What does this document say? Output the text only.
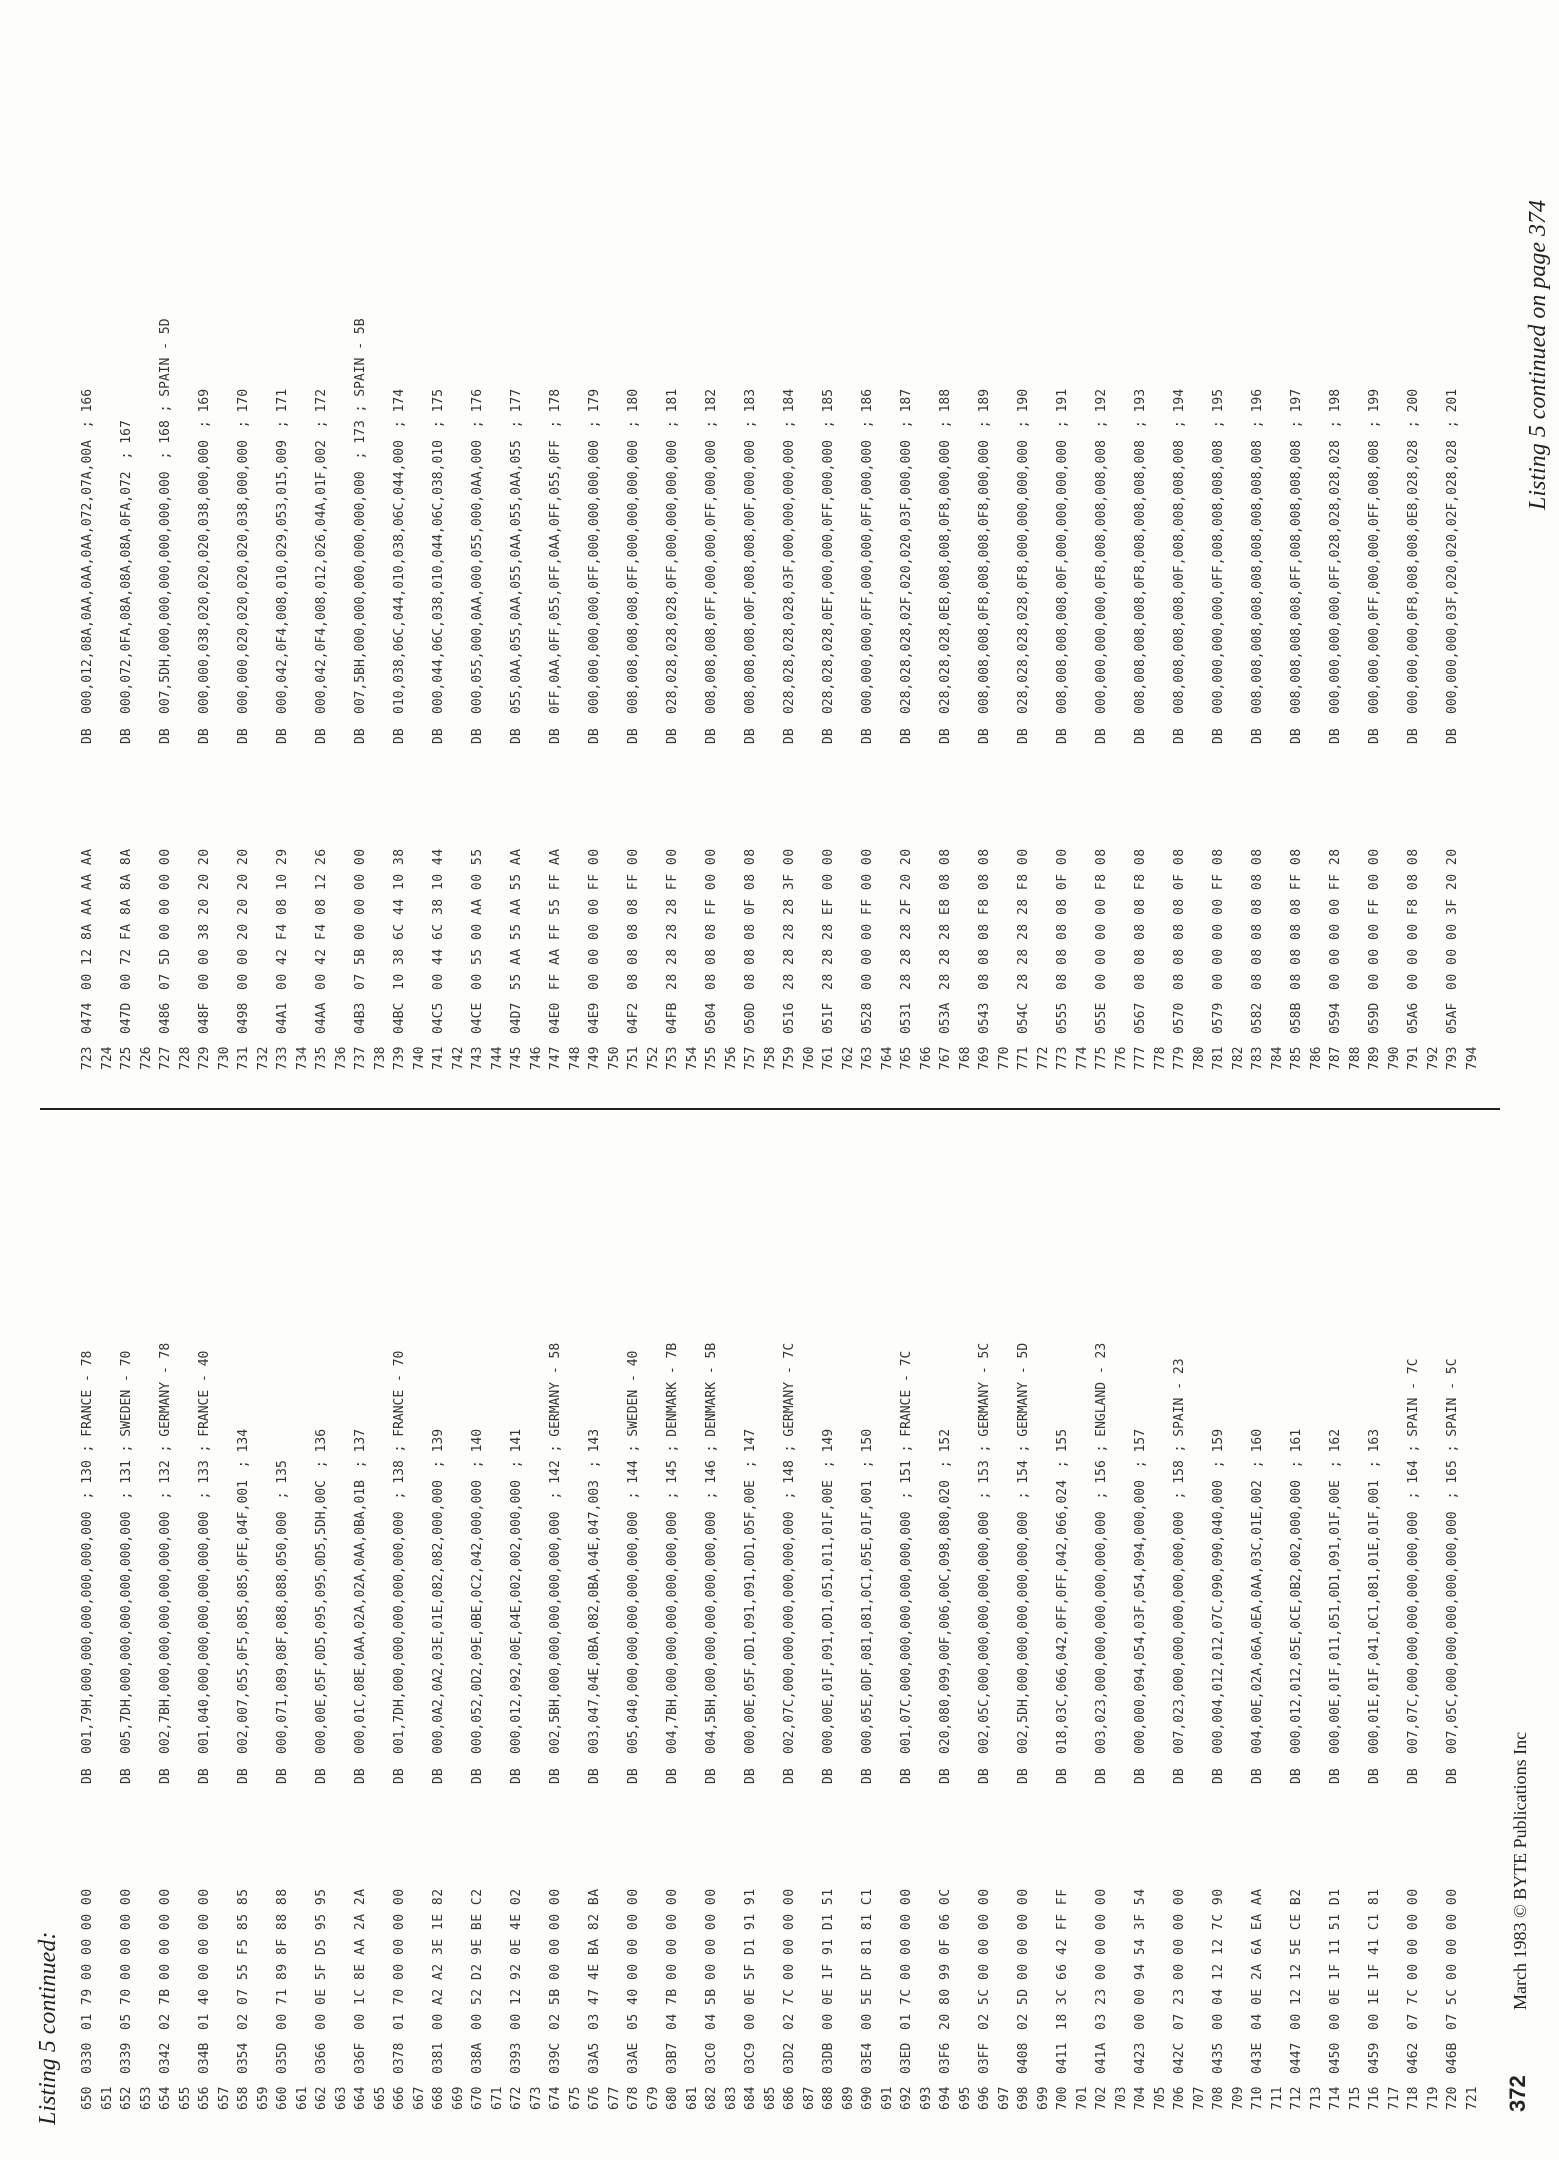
Listing 5 continued: 650
0330
01 79 00 00 00 00
DB
001,79H,000,000,000,000,000,000
; 130 ; FRANCE - 78
651 652
0339
05 70 00 00 00 00
DB
005,7DH,000,000,000,000,000,000
; 131 ; SWEDEN - 70
653 654
0342
02 7B 00 00 00 00
DB
002,7BH,000,000,000,000,000,000
; 132 ; GERMANY - 78
655 656
034B
01 40 00 00 00 00
DB
001,040,000,000,000,000,000,000
; 133 ; FRANCE - 40
657 658
0354
02 07 55 F5 85 85
DB
002,007,055,0F5,085,085,0FE,04F,001
; 134
659 660
035D
00 71 89 8F 88 88
DB
000,071,089,08F,088,088,050,000
; 135
661 662
0366
00 0E 5F D5 95 95
DB
000,00E,05F,0D5,095,095,0D5,5DH,00C
; 136
663 664
036F
00 1C 8E AA 2A 2A
DB
000,01C,08E,0AA,02A,02A,0AA,0BA,01B
; 137
665 666
0378
01 70 00 00 00 00
DB
001,7DH,000,000,000,000,000,000
; 138 ; FRANCE - 70
667 668
0381
00 A2 A2 3E 1E 82
DB
000,0A2,0A2,03E,01E,082,082,000,000
; 139
669 670
038A
00 52 D2 9E BE C2
DB
000,052,0D2,09E,0BE,0C2,042,000,000
; 140
671 672
0393
00 12 92 0E 4E 02
DB
000,012,092,00E,04E,002,002,000,000
; 141
673 674
039C
02 5B 00 00 00 00
DB
002,5BH,000,000,000,000,000,000
; 142 ; GERMANY - 58
675 676
03A5
03 47 4E BA 82 BA
DB
003,047,04E,0BA,082,0BA,04E,047,003
; 143
677 678
03AE
05 40 00 00 00 00
DB
005,040,000,000,000,000,000,000
; 144 ; SWEDEN - 40
679 680
03B7
04 7B 00 00 00 00
DB
004,7BH,000,000,000,000,000,000
; 145 ; DENMARK - 7B
681 682
03C0
04 5B 00 00 00 00
DB
004,5BH,000,000,000,000,000,000
; 146 ; DENMARK - 5B
683 684
03C9
00 0E 5F D1 91 91
DB
000,00E,05F,0D1,091,091,0D1,05F,00E
; 147
685 686
03D2
02 7C 00 00 00 00
DB
002,07C,000,000,000,000,000,000
; 148 ; GERMANY - 7C
687 688
03DB
00 0E 1F 91 D1 51
DB
000,00E,01F,091,0D1,051,011,01F,00E
; 149
689 690
03E4
00 5E DF 81 81 C1
DB
000,05E,0DF,081,081,0C1,05E,01F,001
; 150
691 692
03ED
01 7C 00 00 00 00
DB
001,07C,000,000,000,000,000,000
; 151 ; FRANCE - 7C
693 694
03F6
20 80 99 0F 06 0C
DB
020,080,099,00F,006,00C,098,080,020
; 152
695 696
03FF
02 5C 00 00 00 00
DB
002,05C,000,000,000,000,000,000
; 153 ; GERMANY - 5C
697 698
0408
02 5D 00 00 00 00
DB
002,5DH,000,000,000,000,000,000
; 154 ; GERMANY - 5D
699 700
0411
18 3C 66 42 FF FF
DB
018,03C,066,042,0FF,0FF,042,066,024
; 155
701 702
041A
03 23 00 00 00 00
DB
003,023,000,000,000,000,000,000
; 156 ; ENGLAND - 23
703 704
0423
00 00 94 54 3F 54
DB
000,000,094,054,03F,054,094,000,000
; 157
705 706
042C
07 23 00 00 00 00
DB
007,023,000,000,000,000,000,000
; 158 ; SPAIN - 23
707 708
0435
00 04 12 12 7C 90
DB
000,004,012,012,07C,090,090,040,000
; 159
709 710
043E
04 0E 2A 6A EA AA
DB
004,00E,02A,06A,0EA,0AA,03C,01E,002
; 160
711 712
0447
00 12 12 5E CE B2
DB
000,012,012,05E,0CE,0B2,002,000,000
; 161
713 714
0450
00 0E 1F 11 51 D1
DB
000,00E,01F,011,051,0D1,091,01F,00E
; 162
715 716
0459
00 1E 1F 41 C1 81
DB
000,01E,01F,041,0C1,081,01E,01F,001
; 163
717 718
0462
07 7C 00 00 00 00
DB
007,07C,000,000,000,000,000,000
; 164 ; SPAIN - 7C
719 720
046B
07 5C 00 00 00 00
DB
007,05C,000,000,000,000,000,000
; 165 ; SPAIN - 5C
721
723
0474
00 12 8A AA AA AA
DB
000,012,08A,0AA,0AA,0AA,072,07A,00A
; 166
724 725
047D
00 72 FA 8A 8A 8A
DB
000,072,0FA,08A,08A,08A,0FA,072
; 167
726 727
0486
07 5D 00 00 00 00
DB
007,5DH,000,000,000,000,000,000
; 168 ; SPAIN - 5D
728 729
048F
00 00 38 20 20 20
DB
000,000,038,020,020,020,038,000,000
; 169
730 731
0498
00 00 20 20 20 20
DB
000,000,020,020,020,020,038,000,000
; 170
732 733
04A1
00 42 F4 08 10 29
DB
000,042,0F4,008,010,029,053,015,009
; 171
734 735
04AA
00 42 F4 08 12 26
DB
000,042,0F4,008,012,026,04A,01F,002
; 172
736 737
04B3
07 5B 00 00 00 00
DB
007,5BH,000,000,000,000,000,000
; 173 ; SPAIN - 5B
738 739
04BC
10 38 6C 44 10 38
DB
010,038,06C,044,010,038,06C,044,000
; 174
740 741
04C5
00 44 6C 38 10 44
DB
000,044,06C,038,010,044,06C,038,010
; 175
742 743
04CE
00 55 00 AA 00 55
DB
000,055,000,0AA,000,055,000,0AA,000
; 176
744 745
04D7
55 AA 55 AA 55 AA
DB
055,0AA,055,0AA,055,0AA,055,0AA,055
; 177
746 747
04E0
FF AA FF 55 FF AA
DB
0FF,0AA,0FF,055,0FF,0AA,0FF,055,0FF
; 178
748 749
04E9
00 00 00 00 FF 00
DB
000,000,000,000,0FF,000,000,000,000
; 179
750 751
04F2
08 08 08 08 FF 00
DB
008,008,008,008,0FF,000,000,000,000
; 180
752 753
04FB
28 28 28 28 FF 00
DB
028,028,028,028,0FF,000,000,000,000
; 181
754 755
0504
08 08 08 FF 00 00
DB
008,008,008,0FF,000,000,0FF,000,000
; 182
756 757
050D
08 08 08 0F 08 08
DB
008,008,008,00F,008,008,00F,000,000
; 183
758 759
0516
28 28 28 28 3F 00
DB
028,028,028,028,03F,000,000,000,000
; 184
760 761
051F
28 28 28 EF 00 00
DB
028,028,028,0EF,000,000,0FF,000,000
; 185
762 763
0528
00 00 00 FF 00 00
DB
000,000,000,0FF,000,000,0FF,000,000
; 186
764 765
0531
28 28 28 2F 20 20
DB
028,028,028,02F,020,020,03F,000,000
; 187
766 767
053A
28 28 28 E8 08 08
DB
028,028,028,0E8,008,008,0F8,000,000
; 188
768 769
0543
08 08 08 F8 08 08
DB
008,008,008,0F8,008,008,0F8,000,000
; 189
770 771
054C
28 28 28 28 F8 00
DB
028,028,028,028,0F8,000,000,000,000
; 190
772 773
0555
08 08 08 08 0F 00
DB
008,008,008,008,00F,000,000,000,000
; 191
774 775
055E
00 00 00 00 F8 08
DB
000,000,000,000,0F8,008,008,008,008
; 192
776 777
0567
08 08 08 08 F8 08
DB
008,008,008,008,0F8,008,008,008,008
; 193
778 779
0570
08 08 08 08 0F 08
DB
008,008,008,008,00F,008,008,008,008
; 194
780 781
0579
00 00 00 00 FF 08
DB
000,000,000,000,0FF,008,008,008,008
; 195
782 783
0582
08 08 08 08 08 08
DB
008,008,008,008,008,008,008,008,008
; 196
784 785
058B
08 08 08 08 FF 08
DB
008,008,008,008,0FF,008,008,008,008
; 197
786 787
0594
00 00 00 00 FF 28
DB
000,000,000,000,0FF,028,028,028,028
; 198
788 789
059D
00 00 00 FF 00 00
DB
000,000,000,0FF,000,000,0FF,008,008
; 199
790 791
05A6
00 00 00 F8 08 08
DB
000,000,000,0F8,008,008,0E8,028,028
; 200
792 793
05AF
00 00 00 3F 20 20
DB
000,000,000,03F,020,020,02F,028,028
; 201
794
372
March 1983 © BYTE Publications Inc
Listing 5 continued on page 374
